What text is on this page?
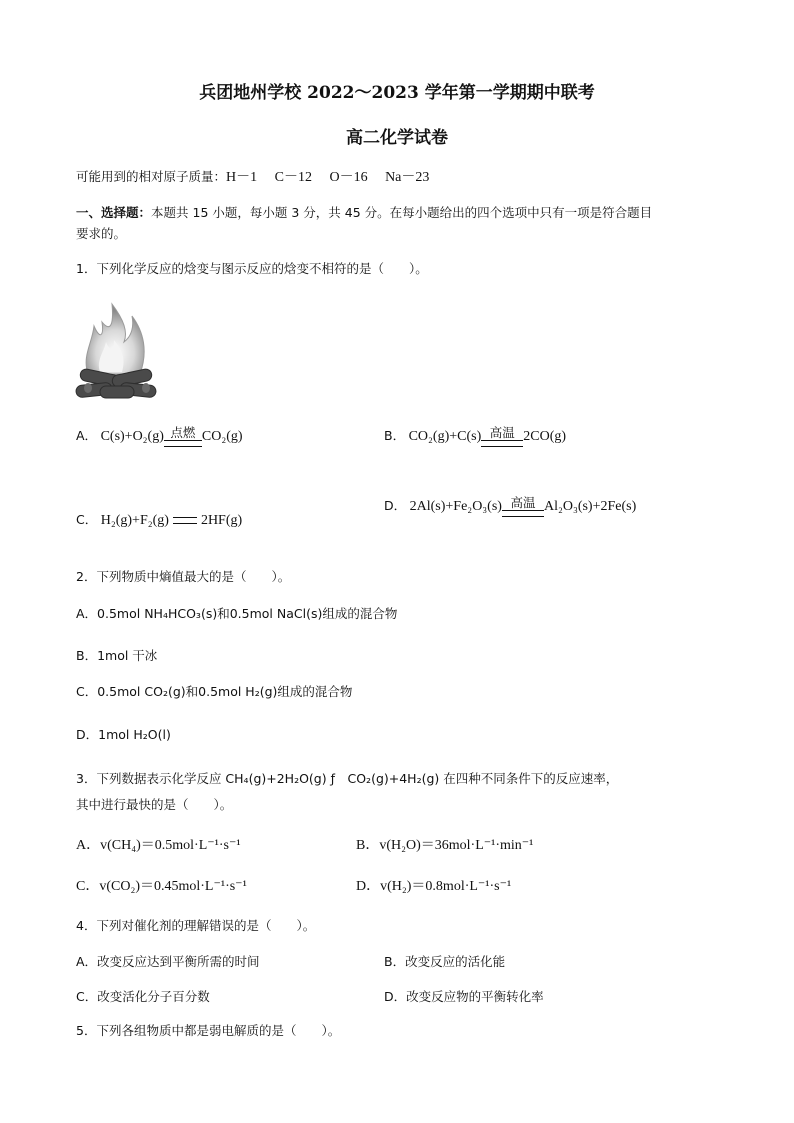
兵团地州学校 2022～2023 学年第一学期期中联考
高二化学试卷
可能用到的相对原子质量：H－1　 C－12　 O－16　 Na－23
一、选择题：本题共 15 小题，每小题 3 分，共 45 分。在每小题给出的四个选项中只有一项是符合题目
要求的。
1．下列化学反应的焓变与图示反应的焓变不相符的是（　　）。
A． C(s)+O₂(g) 点燃 CO₂(g)	B． CO₂(g)+C(s) 高温 2CO(g)
C． H₂(g)+F₂(g) 2HF(g)
D． 2Al(s)+Fe₂O₃(s) 高温 Al₂O₃(s)+2Fe(s)
2．下列物质中熵值最大的是（　　）。
A．0.5mol NH₄HCO₃(s)和0.5mol NaCl(s)组成的混合物
B．1mol 干冰
C．0.5mol CO₂(g)和0.5mol H₂(g)组成的混合物
D．1mol H₂O(l)
3．下列数据表示化学反应 CH₄(g)+2H₂O(g) ƒ　CO₂(g)+4H₂(g) 在四种不同条件下的反应速率，
其中进行最快的是（　　）。
A．v(CH₄)＝0.5mol·L⁻¹·s⁻¹	B．v(H₂O)＝36mol·L⁻¹·min⁻¹
C．v(CO₂)＝0.45mol·L⁻¹·s⁻¹	D．v(H₂)＝0.8mol·L⁻¹·s⁻¹
4．下列对催化剂的理解错误的是（　　）。
A．改变反应达到平衡所需的时间	B．改变反应的活化能
C．改变活化分子百分数	D．改变反应物的平衡转化率
5．下列各组物质中都是弱电解质的是（　　）。
